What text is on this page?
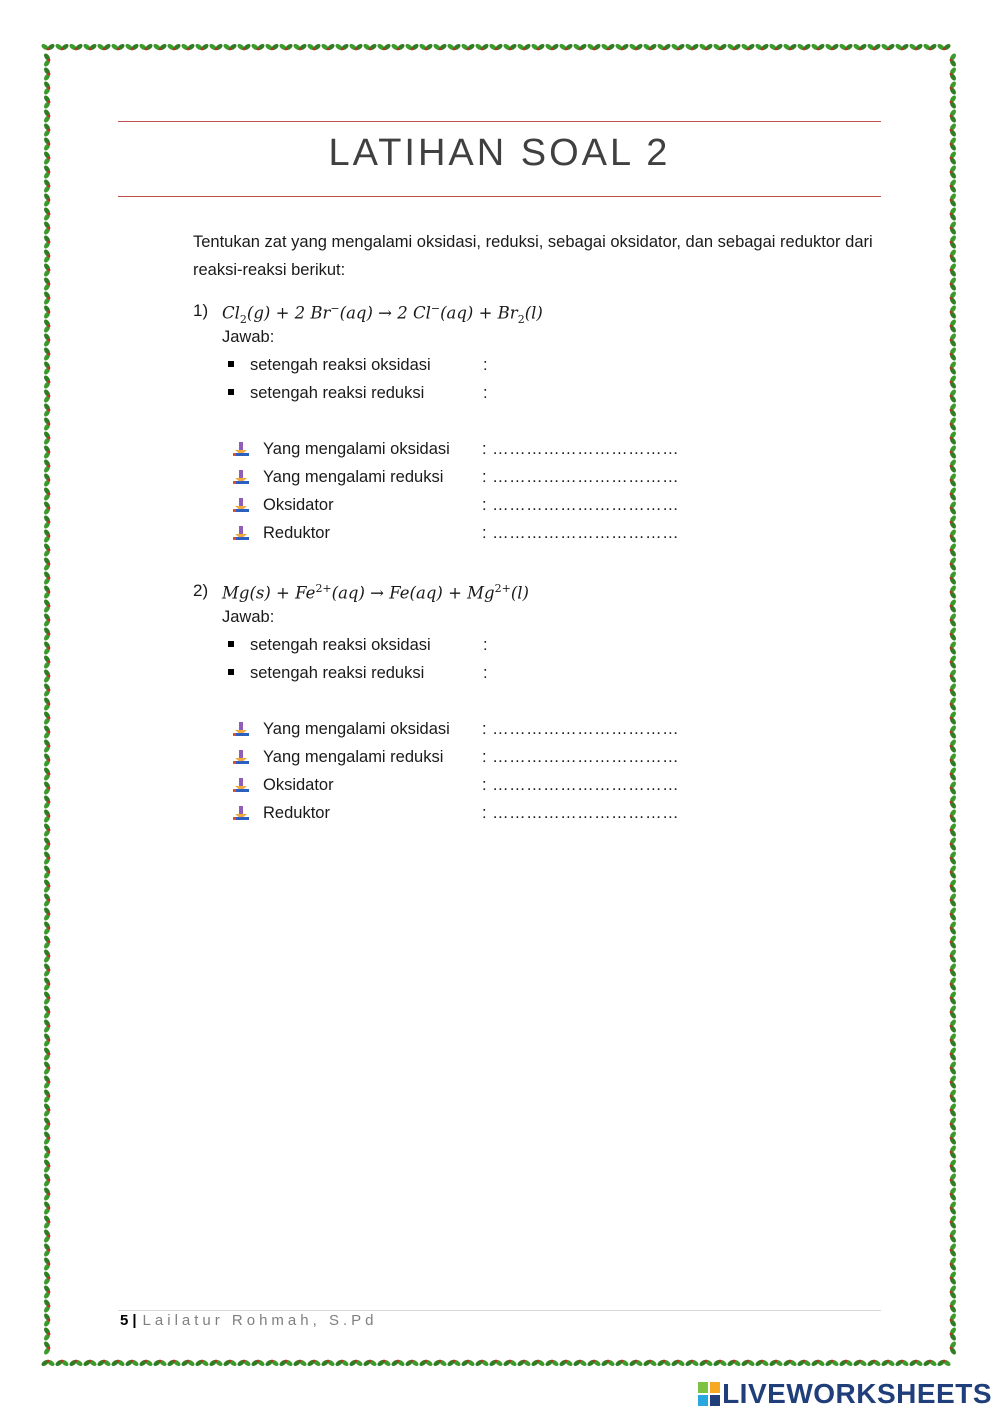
LATIHAN SOAL 2
Tentukan zat yang mengalami oksidasi, reduksi, sebagai oksidator, dan sebagai reduktor dari reaksi-reaksi berikut:
1) $Cl_2(g) + 2$ Br−(aq) → 2 $Cl^-(aq) + Br_2(l)$
Jawab:
setengah reaksi oksidasi	:
setengah reaksi reduksi	:
Yang mengalami oksidasi : ……………………………
Yang mengalami reduksi : ……………………………
Oksidator	: ……………………………
Reduktor	: ……………………………
2) $Mg(s) + Fe^{2+}(aq) \to Fe(aq) + Mg^{2+}(l)$
Jawab:
setengah reaksi oksidasi	:
setengah reaksi reduksi	:
Yang mengalami oksidasi : ……………………………
Yang mengalami reduksi : ……………………………
Oksidator	: ……………………………
Reduktor	: ……………………………
5 | Lailatur Rohmah, S.Pd
LIVEWORKSHEETS
